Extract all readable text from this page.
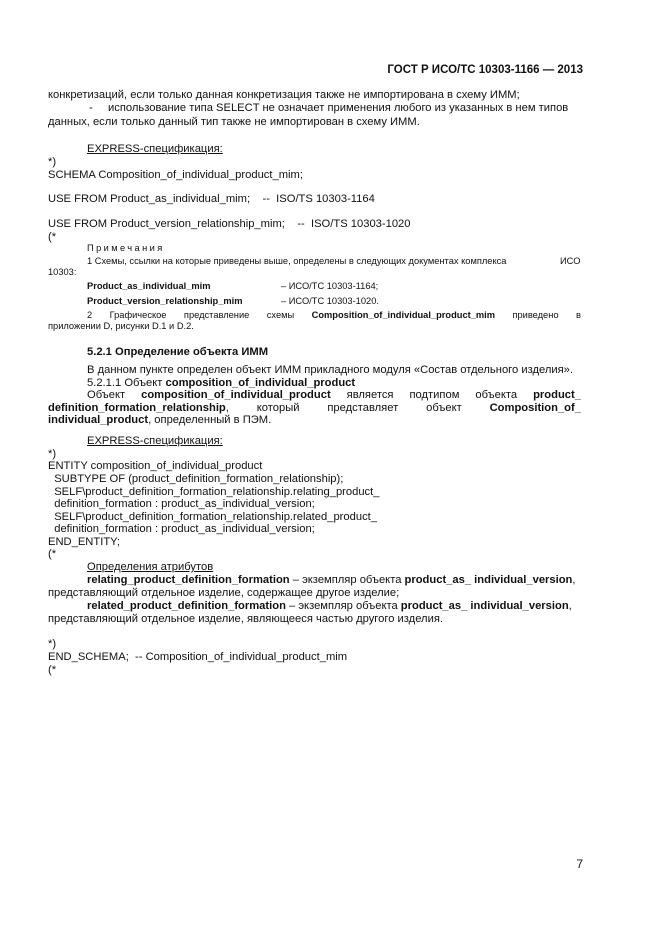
ГОСТ Р ИСО/ТС 10303-1166 — 2013
конкретизаций, если только данная конкретизация также не импортирована в схему ИММ;
- использование типа SELECT не означает применения любого из указанных в нем типов
данных, если только данный тип также не импортирован в схему ИММ.
EXPRESS-спецификация:
*)
SCHEMA Composition_of_individual_product_mim;
USE FROM Product_as_individual_mim;    --  ISO/TS 10303-1164
USE FROM Product_version_relationship_mim;    --  ISO/TS 10303-1020
(*
Примечания
1 Схемы, ссылки на которые приведены выше, определены в следующих документах комплекса	ИСО
10303:
Product_as_individual_mim	– ИСО/ТС 10303-1164;
Product_version_relationship_mim	– ИСО/ТС 10303-1020.
2 Графическое представление схемы Composition_of_individual_product_mim приведено в
приложении D, рисунки D.1 и D.2.
5.2.1 Определение объекта ИММ
В данном пункте определен объект ИММ прикладного модуля «Состав отдельного изделия».
5.2.1.1 Объект composition_of_individual_product
Объект composition_of_individual_product является подтипом объекта product_
definition_formation_relationship, который представляет объект Composition_of_
individual_product, определенный в ПЭМ.
EXPRESS-спецификация:
*)
ENTITY composition_of_individual_product
SUBTYPE OF (product_definition_formation_relationship);
SELF\product_definition_formation_relationship.relating_product_
definition_formation : product_as_individual_version;
SELF\product_definition_formation_relationship.related_product_
definition_formation : product_as_individual_version;
END_ENTITY;
(*
Определения атрибутов
relating_product_definition_formation – экземпляр объекта product_as_ individual_version,
представляющий отдельное изделие, содержащее другое изделие;
related_product_definition_formation – экземпляр объекта product_as_ individual_version,
представляющий отдельное изделие, являющееся частью другого изделия.
*)
END_SCHEMA;  -- Composition_of_individual_product_mim
(*
7
